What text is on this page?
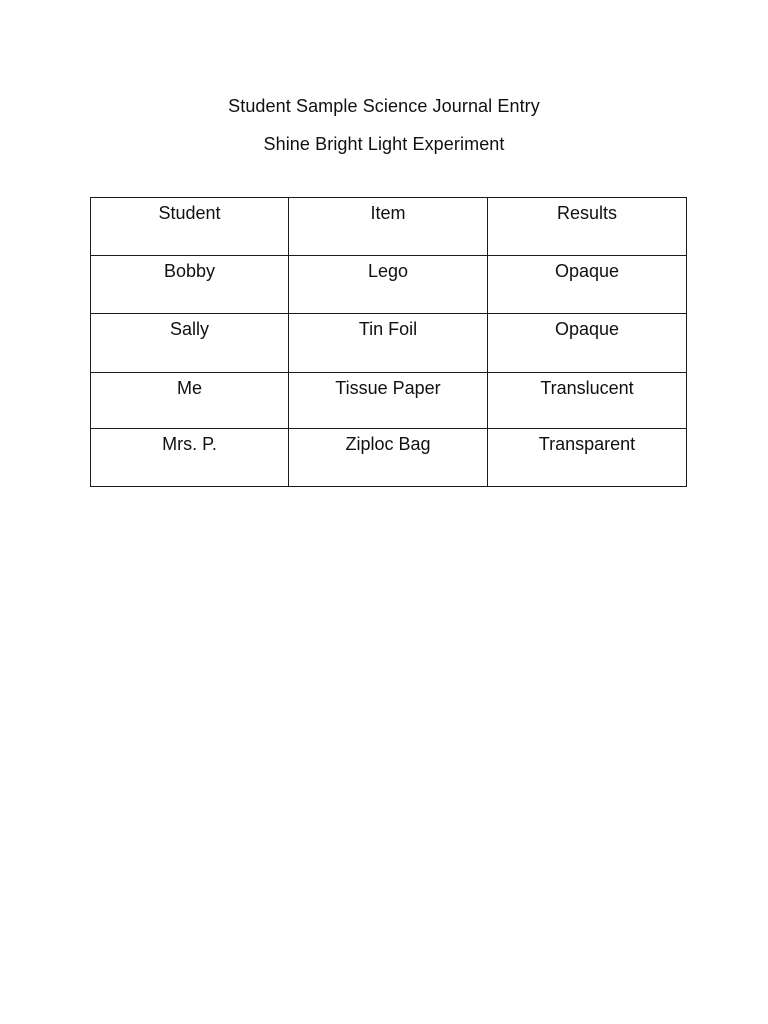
Student Sample Science Journal Entry
Shine Bright Light Experiment
Student	Item	Results
Bobby	Lego	Opaque
Sally	Tin Foil	Opaque
Me	Tissue Paper	Translucent
Mrs. P.	Ziploc Bag	Transparent
